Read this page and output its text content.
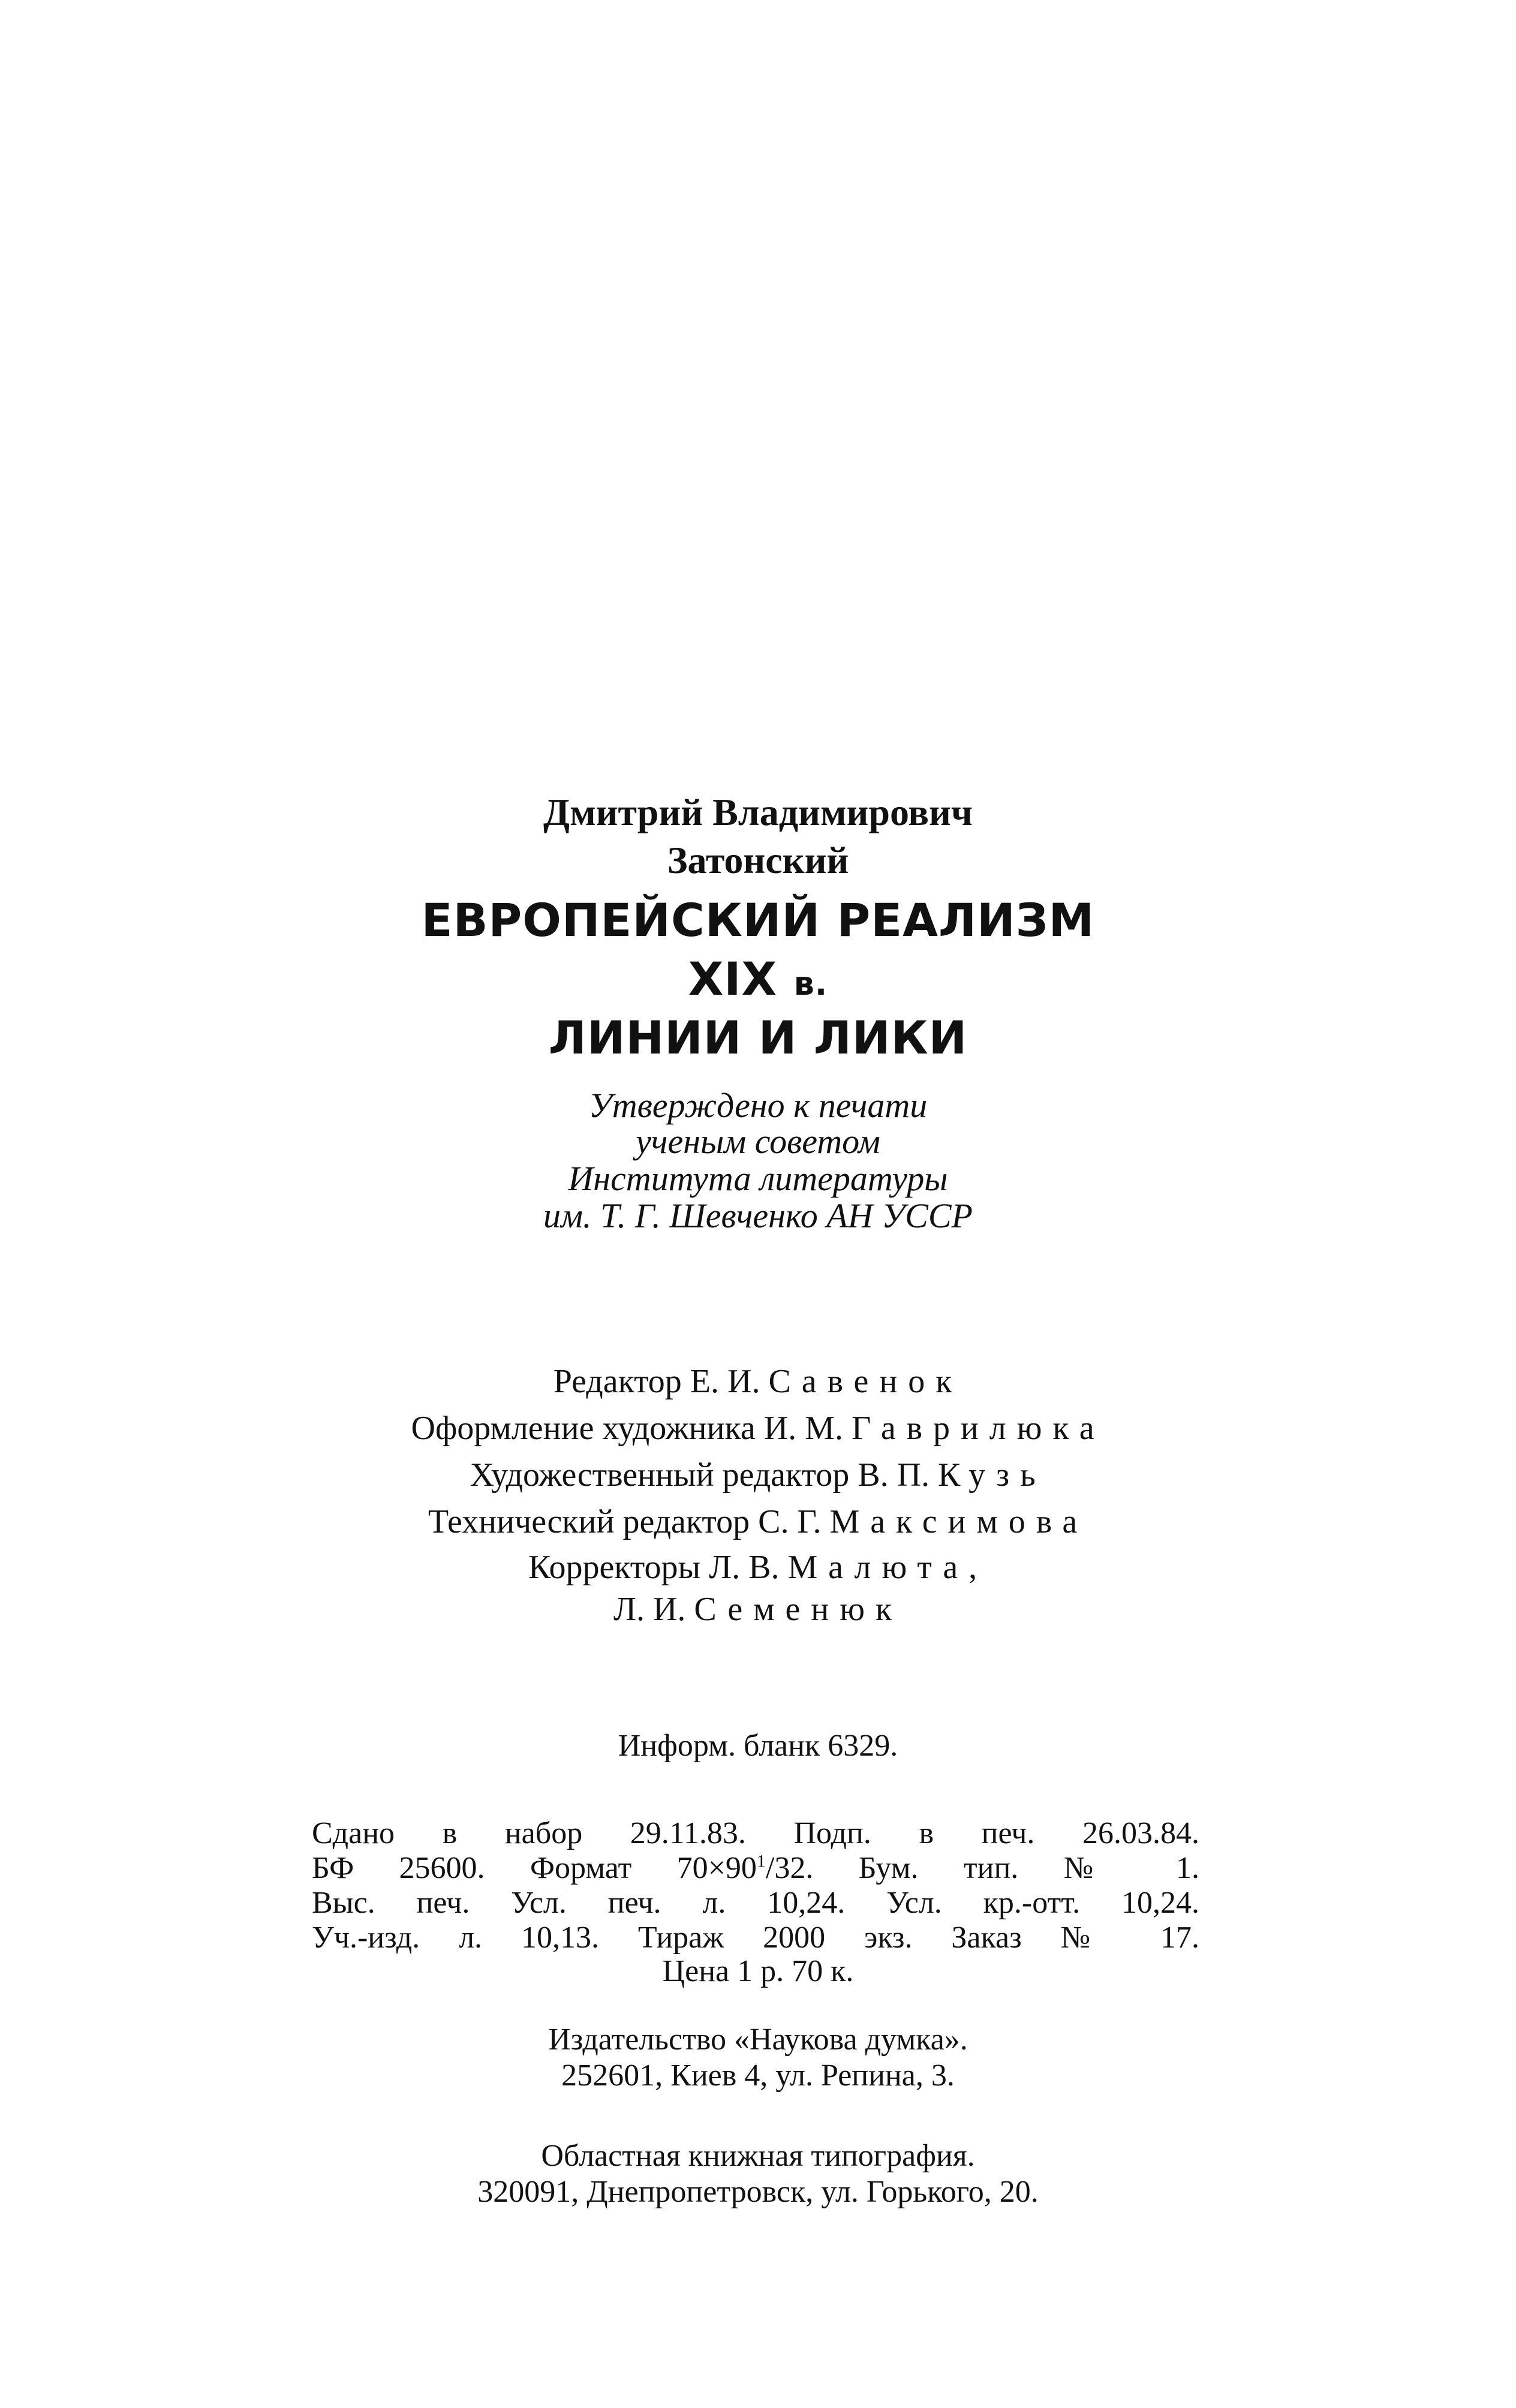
Дмитрий Владимирович

Затонский

ЕВРОПЕЙСКИЙ РЕАЛИЗМ

XIX в.

ЛИНИИ И ЛИКИ

Утверждено к печати

ученым советом

Института литературы

им. Т. Г. Шевченко АН УССР

Редактор Е. И. Савенок

Оформление художника И. М. Гаврилюка

Художественный редактор В. П. Кузь

Технический редактор С. Г. Максимова

Корректоры Л. В. Малюта,

Л. И. Семенюк

Информ. бланк 6329.

Сдано в набор 29.11.83. Подп. в печ. 26.03.84.

БФ 25600. Формат $70\times 90^1/32$. Бум. тип. № 1.

Выс. печ. Усл. печ. л. 10,24. Усл. кр.-отт. 10,24.

Уч.-изд. л. 10,13. Тираж 2000 экз. Заказ № 17.

Цена 1 р. 70 к.

Издательство «Наукова думка».

252601, Киев 4, ул. Репина, 3.

Областная книжная типография.

320091, Днепропетровск, ул. Горького, 20.
